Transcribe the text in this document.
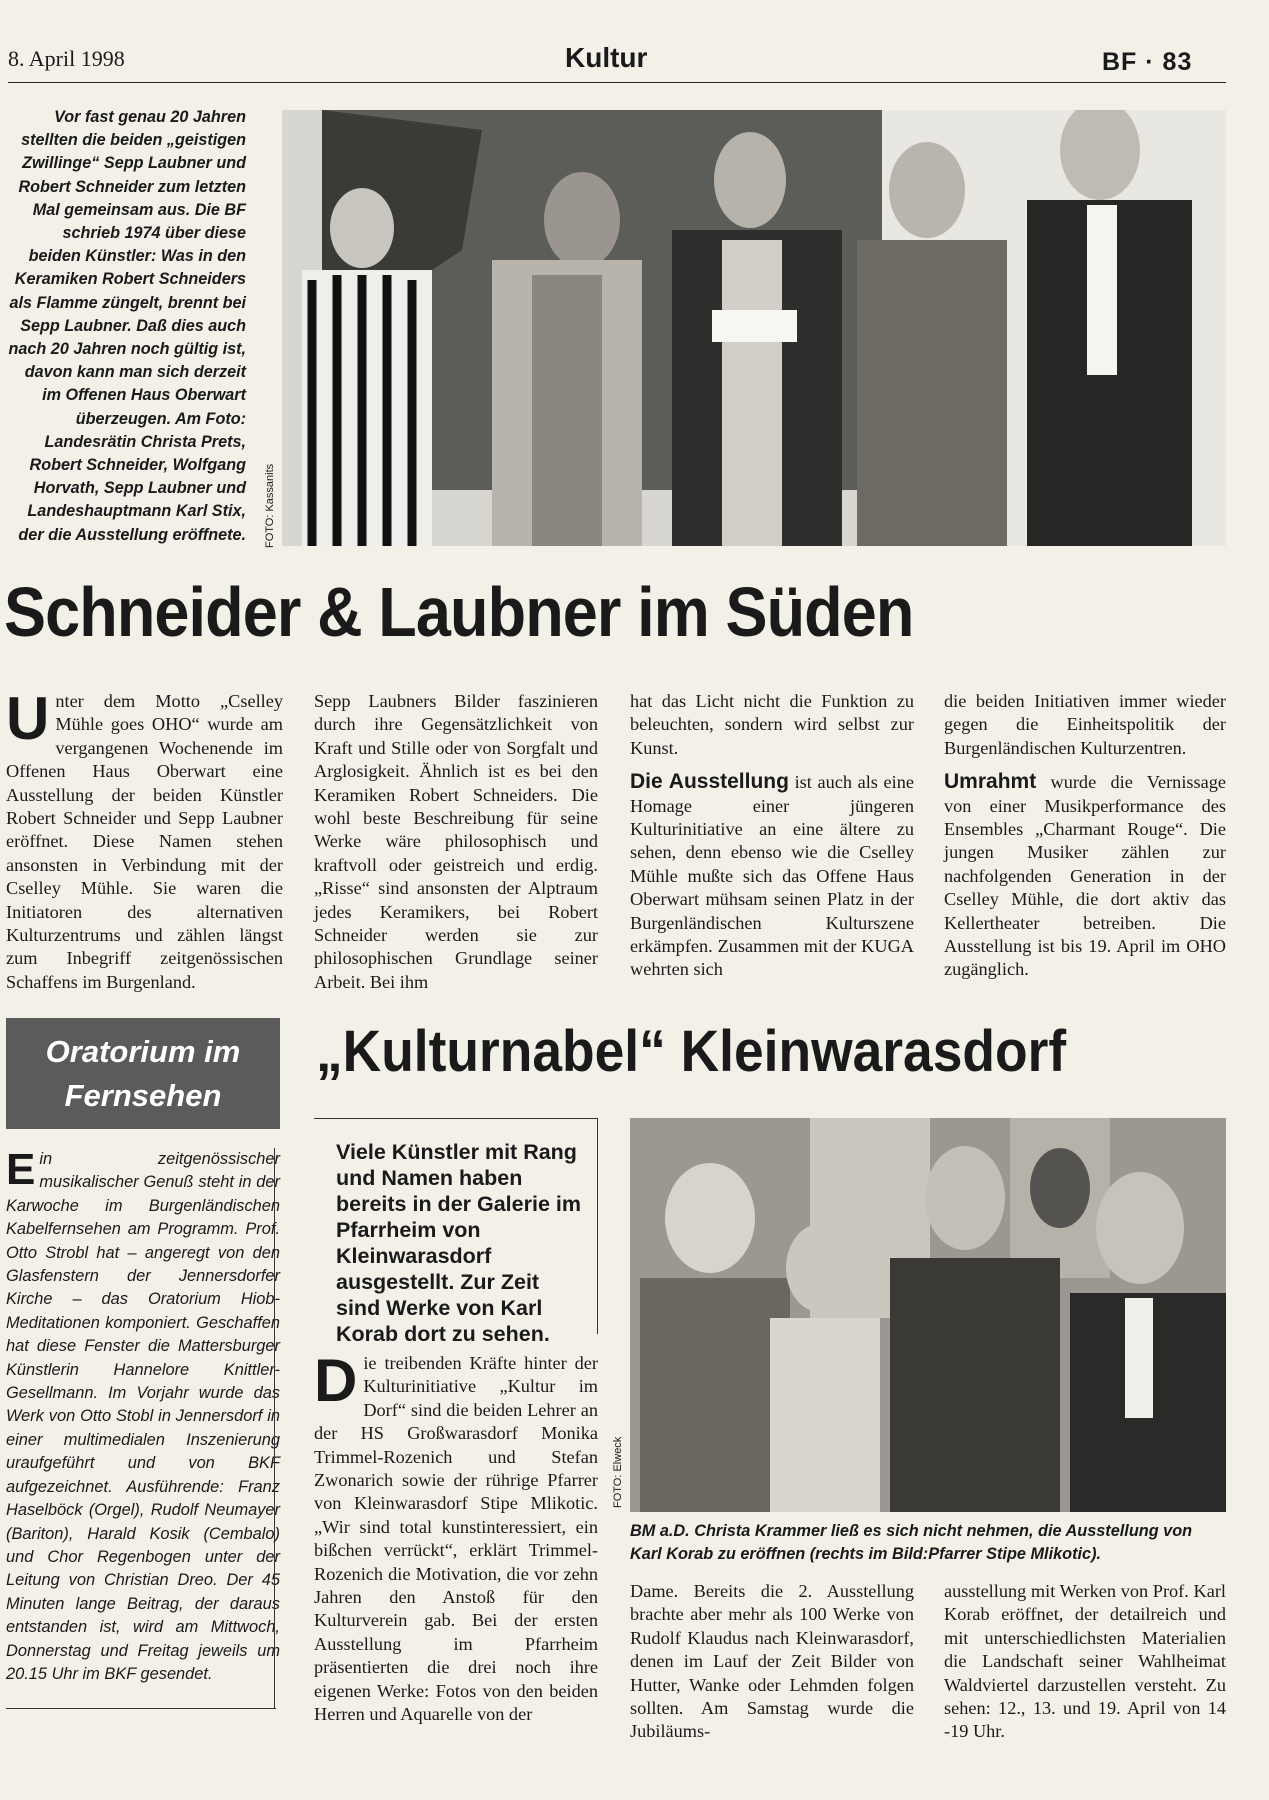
8. April 1998	Kultur	BF · 83
Vor fast genau 20 Jahren stellten die beiden „geistigen Zwillinge“ Sepp Laubner und Robert Schneider zum letzten Mal gemeinsam aus. Die BF schrieb 1974 über diese beiden Künstler: Was in den Keramiken Robert Schneiders als Flamme züngelt, brennt bei Sepp Laubner. Daß dies auch nach 20 Jahren noch gültig ist, davon kann man sich derzeit im Offenen Haus Oberwart überzeugen. Am Foto: Landesrätin Christa Prets, Robert Schneider, Wolfgang Horvath, Sepp Laubner und Landeshauptmann Karl Stix, der die Ausstellung eröffnete. FOTO: Kassanits
Schneider & Laubner im Süden
Unter dem Motto „Cselley Mühle goes OHO“ wurde am vergangenen Wochenende im Offenen Haus Oberwart eine Ausstellung der beiden Künstler Robert Schneider und Sepp Laubner eröffnet. Diese Namen stehen ansonsten in Verbindung mit der Cselley Mühle. Sie waren die Initiatoren des alternativen Kulturzentrums und zählen längst zum Inbegriff zeitgenössischen Schaffens im Burgenland.
Sepp Laubners Bilder faszinieren durch ihre Gegensätzlichkeit von Kraft und Stille oder von Sorgfalt und Arglosigkeit. Ähnlich ist es bei den Keramiken Robert Schneiders. Die wohl beste Beschreibung für seine Werke wäre philosophisch und kraftvoll oder geistreich und erdig. „Risse“ sind ansonsten der Alptraum jedes Keramikers, bei Robert Schneider werden sie zur philosophischen Grundlage seiner Arbeit. Bei ihm

hat das Licht nicht die Funktion zu beleuchten, sondern wird selbst zur Kunst.

Die Ausstellung ist auch als eine Homage einer jüngeren Kulturinitiative an eine ältere zu sehen, denn ebenso wie die Cselley Mühle mußte sich das Offene Haus Oberwart mühsam seinen Platz in der Burgenländischen Kulturszene erkämpfen. Zusammen mit der KUGA wehrten sich

die beiden Initiativen immer wieder gegen die Einheitspolitik der Burgenländischen Kulturzentren.

Umrahmt wurde die Vernissage von einer Musikperformance des Ensembles „Charmant Rouge“. Die jungen Musiker zählen zur nachfolgenden Generation in der Cselley Mühle, die dort aktiv das Kellertheater betreiben. Die Ausstellung ist bis 19. April im OHO zugänglich.

Oratorium im
Fernsehen
Ein zeitgenössischer musikalischer Genuß steht in der Karwoche im Burgenländischen Kabelfernsehen am Programm. Prof. Otto Strobl hat – angeregt von den Glasfenstern der Jennersdorfer Kirche – das Oratorium Hiob-Meditationen komponiert. Geschaffen hat diese Fenster die Mattersburger Künstlerin Hannelore Knittler-Gesellmann. Im Vorjahr wurde das Werk von Otto Stobl in Jennersdorf in einer multimedialen Inszenierung uraufgeführt und von BKF aufgezeichnet. Ausführende: Franz Haselböck (Orgel), Rudolf Neumayer (Bariton), Harald Kosik (Cembalo) und Chor Regenbogen unter der Leitung von Christian Dreo. Der 45 Minuten lange Beitrag, der daraus entstanden ist, wird am Mittwoch, Donnerstag und Freitag jeweils um 20.15 Uhr im BKF gesendet.
„Kulturnabel“ Kleinwarasdorf
Viele Künstler mit Rang und Namen haben bereits in der Galerie im Pfarrheim von Kleinwarasdorf ausgestellt. Zur Zeit sind Werke von Karl Korab dort zu sehen.
Die treibenden Kräfte hinter der Kulturinitiative „Kultur im Dorf“ sind die beiden Lehrer an der HS Großwarasdorf Monika Trimmel-Rozenich und Stefan Zwonarich sowie der rührige Pfarrer von Kleinwarasdorf Stipe Mlikotic. „Wir sind total kunstinteressiert, ein bißchen verrückt“, erklärt Trimmel-Rozenich die Motivation, die vor zehn Jahren den Anstoß für den Kulturverein gab. Bei der ersten Ausstellung im Pfarrheim präsentierten die drei noch ihre eigenen Werke: Fotos von den beiden Herren und Aquarelle von der
FOTO: Elweck
BM a.D. Christa Krammer ließ es sich nicht nehmen, die Ausstellung von Karl Korab zu eröffnen (rechts im Bild:Pfarrer Stipe Mlikotic).
Dame. Bereits die 2. Ausstellung brachte aber mehr als 100 Werke von Rudolf Klaudus nach Kleinwarasdorf, denen im Lauf der Zeit Bilder von Hutter, Wanke oder Lehmden folgen sollten. Am Samstag wurde die Jubiläums-
ausstellung mit Werken von Prof. Karl Korab eröffnet, der detailreich und mit unterschiedlichsten Materialien die Landschaft seiner Wahlheimat Waldviertel darzustellen versteht. Zu sehen: 12., 13. und 19. April von 14 -19 Uhr.
